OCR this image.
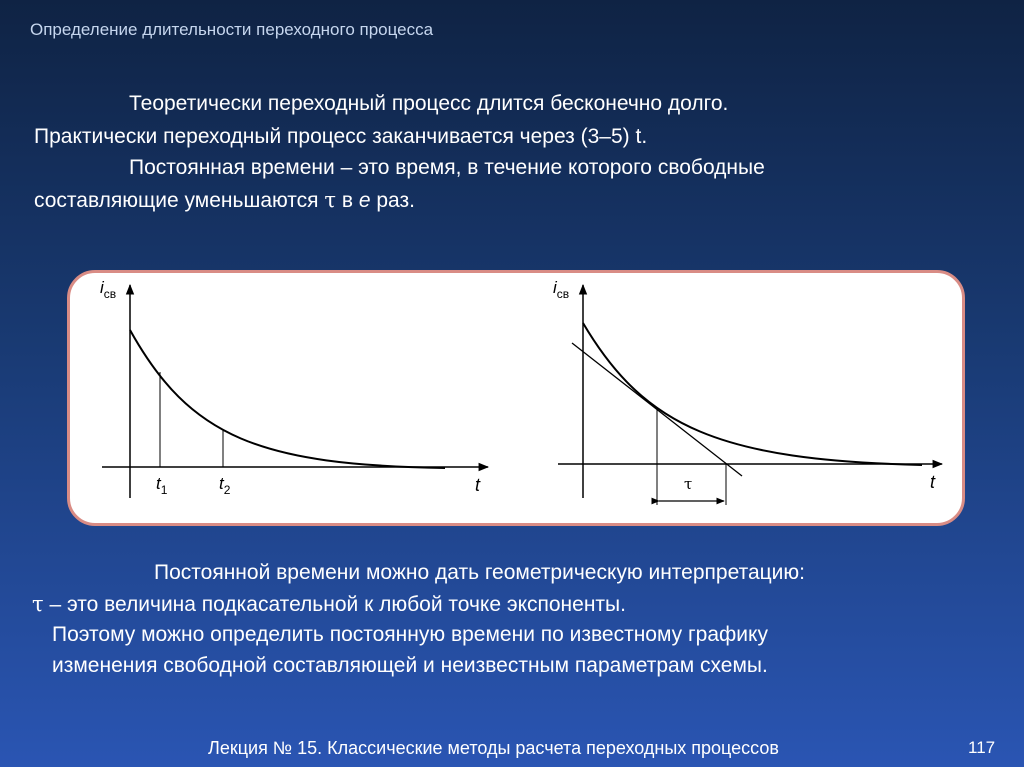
Определение длительности переходного процесса
Теоретически переходный процесс длится бесконечно долго.
Практически переходный процесс заканчивается через (3–5) t.
Постоянная времени – это время, в течение которого свободные
составляющие уменьшаются τ в e раз.
$i_{св}$
$t_1$	$t_2$	t
$i_{св}$
τ	t
Постоянной времени можно дать геометрическую интерпретацию:
τ – это величина подкасательной к любой точке экспоненты.
Поэтому можно определить постоянную времени по известному графику
изменения свободной составляющей и неизвестным параметрам схемы.
Лекция № 15. Классические методы расчета переходных процессов	117
